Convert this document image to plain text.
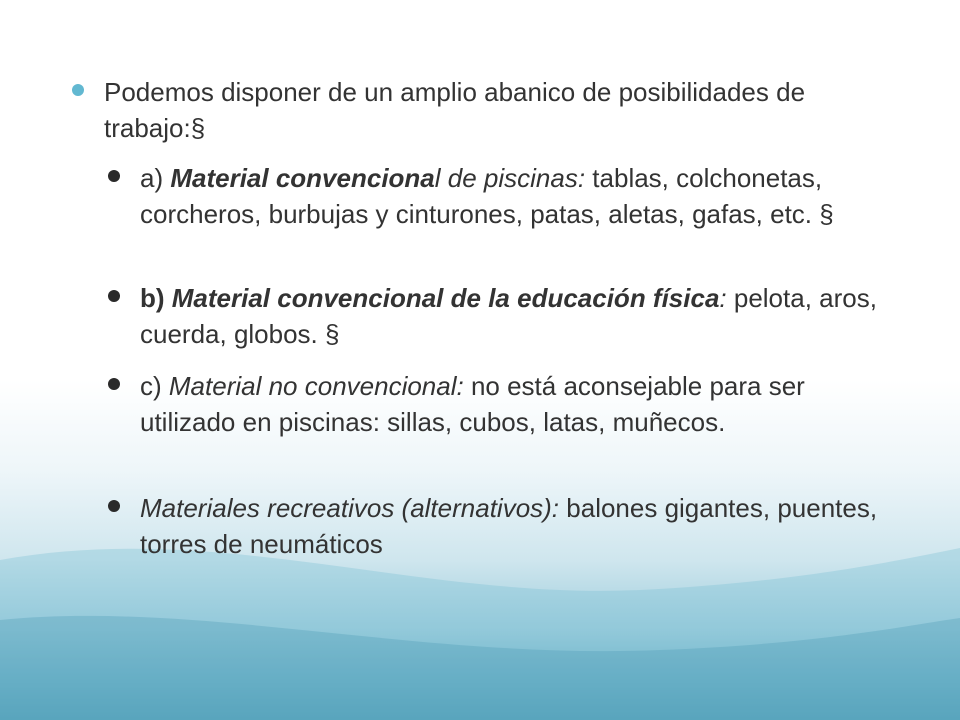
Podemos disponer de un amplio abanico de posibilidades de trabajo:§
a) Material convencional de piscinas: tablas, colchonetas, corcheros, burbujas y cinturones, patas, aletas, gafas, etc. §
b) Material convencional de la educación física: pelota, aros, cuerda, globos. §
c) Material no convencional: no está aconsejable para ser utilizado en piscinas: sillas, cubos, latas, muñecos.
Materiales recreativos (alternativos): balones gigantes, puentes, torres de neumáticos
